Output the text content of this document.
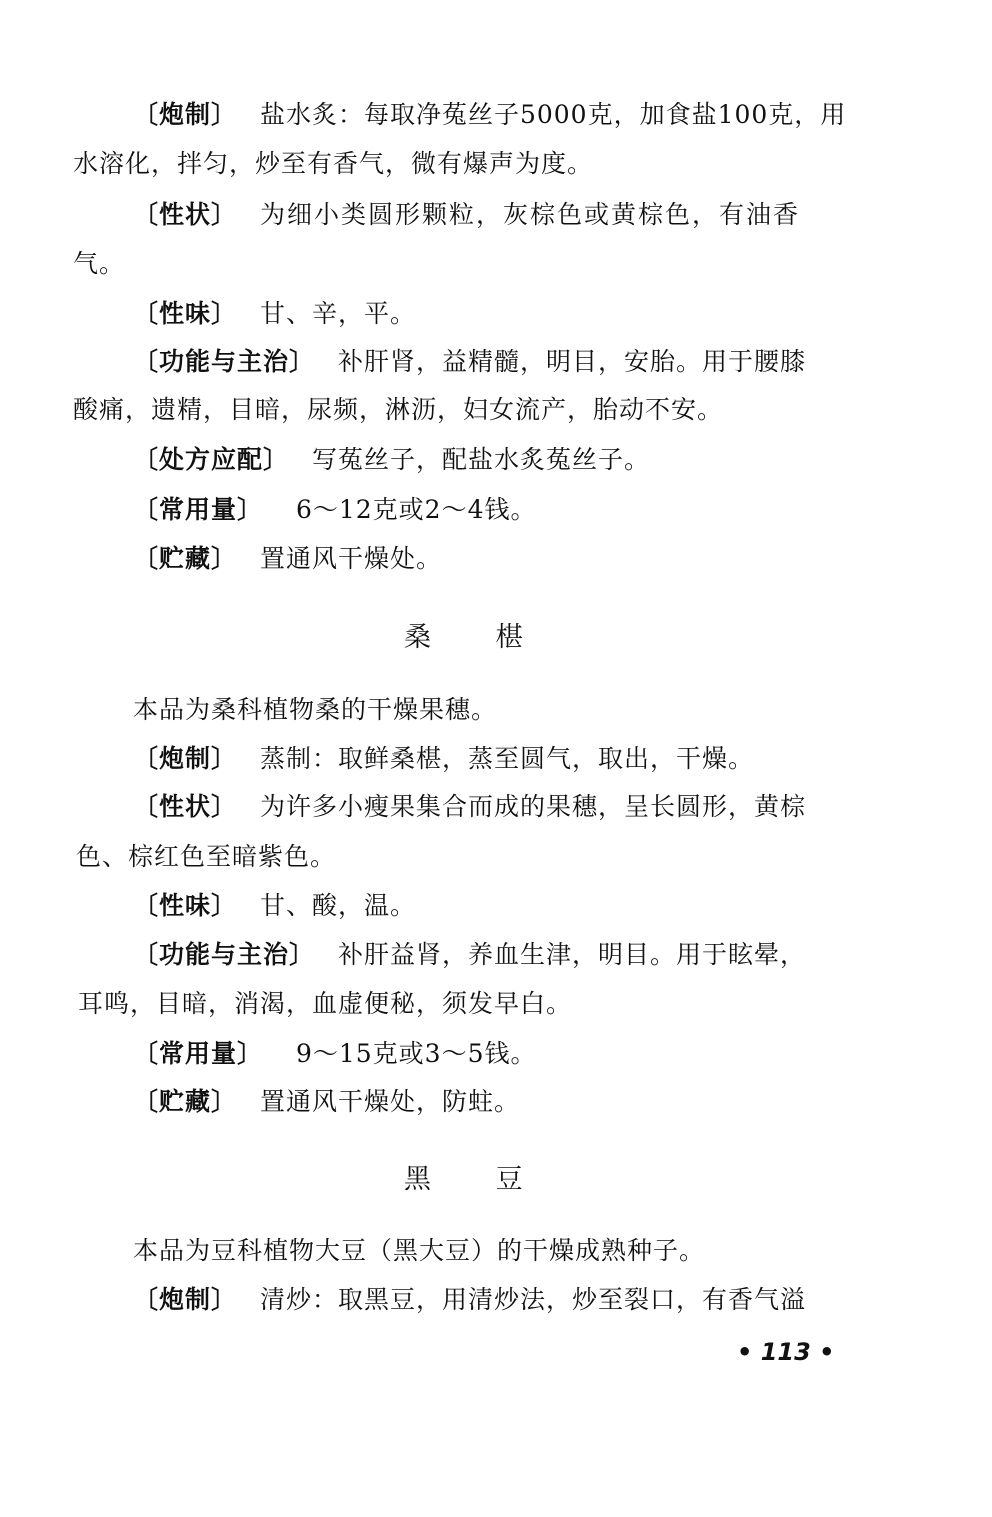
〔炮制〕 盐水炙：每取净菟丝子5000克，加食盐100克，用
水溶化，拌匀，炒至有香气，微有爆声为度。
〔性状〕 为细小类圆形颗粒，灰棕色或黄棕色，有油香
气。
〔性味〕 甘、辛，平。
〔功能与主治〕 补肝肾，益精髓，明目，安胎。用于腰膝
酸痛，遗精，目暗，尿频，淋沥，妇女流产，胎动不安。
〔处方应配〕 写菟丝子，配盐水炙菟丝子。
〔常用量〕 6～12克或2～4钱。
〔贮藏〕 置通风干燥处。
桑 椹
本品为桑科植物桑的干燥果穗。
〔炮制〕 蒸制：取鲜桑椹，蒸至圆气，取出，干燥。
〔性状〕 为许多小瘦果集合而成的果穗，呈长圆形，黄棕
色、棕红色至暗紫色。
〔性味〕 甘、酸，温。
〔功能与主治〕 补肝益肾，养血生津，明目。用于眩晕，
耳鸣，目暗，消渴，血虚便秘，须发早白。
〔常用量〕 9～15克或3～5钱。
〔贮藏〕 置通风干燥处，防蛀。
黑 豆
本品为豆科植物大豆（黑大豆）的干燥成熟种子。
〔炮制〕 清炒：取黑豆，用清炒法，炒至裂口，有香气溢
• 113 •
